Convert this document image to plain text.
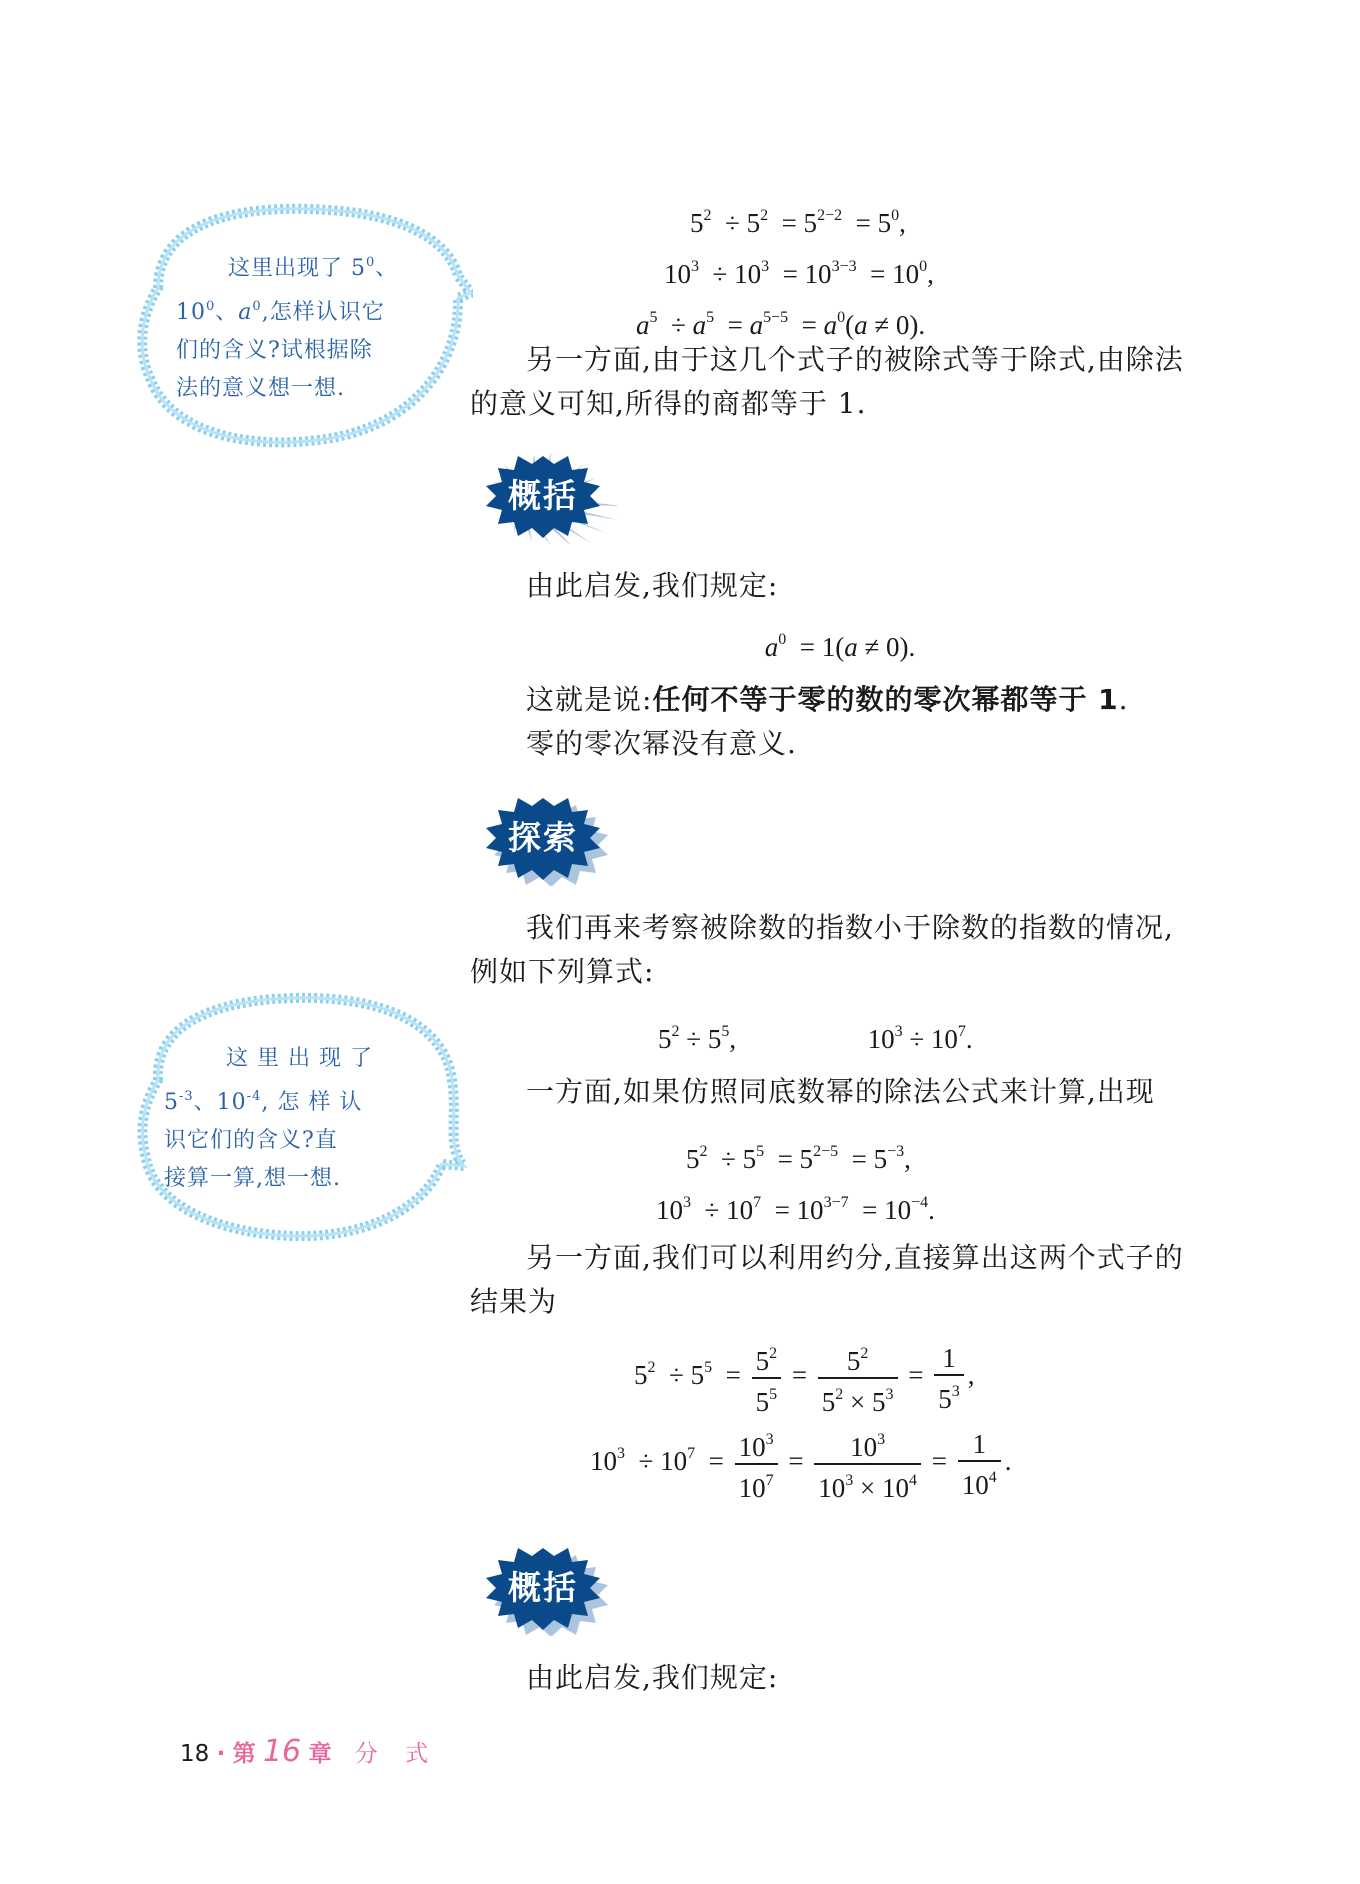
这里出现了 $5^0$、
$10^0$、$a^0$,怎样认识它
们的含义?试根据除
法的意义想一想.
$5^2 \div 5^2 = 5^{2-2} = 5^0$,
$10^3 \div 10^3 = 10^{3-3} = 10^0$,
$a^5 \div a^5 = a^{5-5} = a^0(a \ne 0)$.
另一方面,由于这几个式子的被除式等于除式,由除法的意义可知,所得的商都等于 1.
概括
由此启发,我们规定:
$a^0 = 1(a \ne 0)$.
这就是说:任何不等于零的数的零次幂都等于 1.
零的零次幂没有意义.
探索
我们再来考察被除数的指数小于除数的指数的情况,例如下列算式:
这 里 出 现 了
$5^{-3}$、$10^{-4}$, 怎 样 认
识它们的含义?直
接算一算,想一想.
$5^2 \div 5^5$,	$10^3 \div 10^7$.
一方面,如果仿照同底数幂的除法公式来计算,出现
$5^2 \div 5^5 = 5^{2-5} = 5^{-3}$,
$10^3 \div 10^7 = 10^{3-7} = 10^{-4}$.
另一方面,我们可以利用约分,直接算出这两个式子的结果为
$5^2 \div 5^5 = \frac{5^2}{5^5} = \frac{5^2}{5^2 \times 5^3} = \frac{1}{5^3}$ ,
$10^3 \div 10^7 = \frac{10^3}{10^7} = \frac{10^3}{10^3 \times 10^4} = \frac{1}{10^4}$ .
概括
由此启发,我们规定:
18 · 第 16 章 分 式
